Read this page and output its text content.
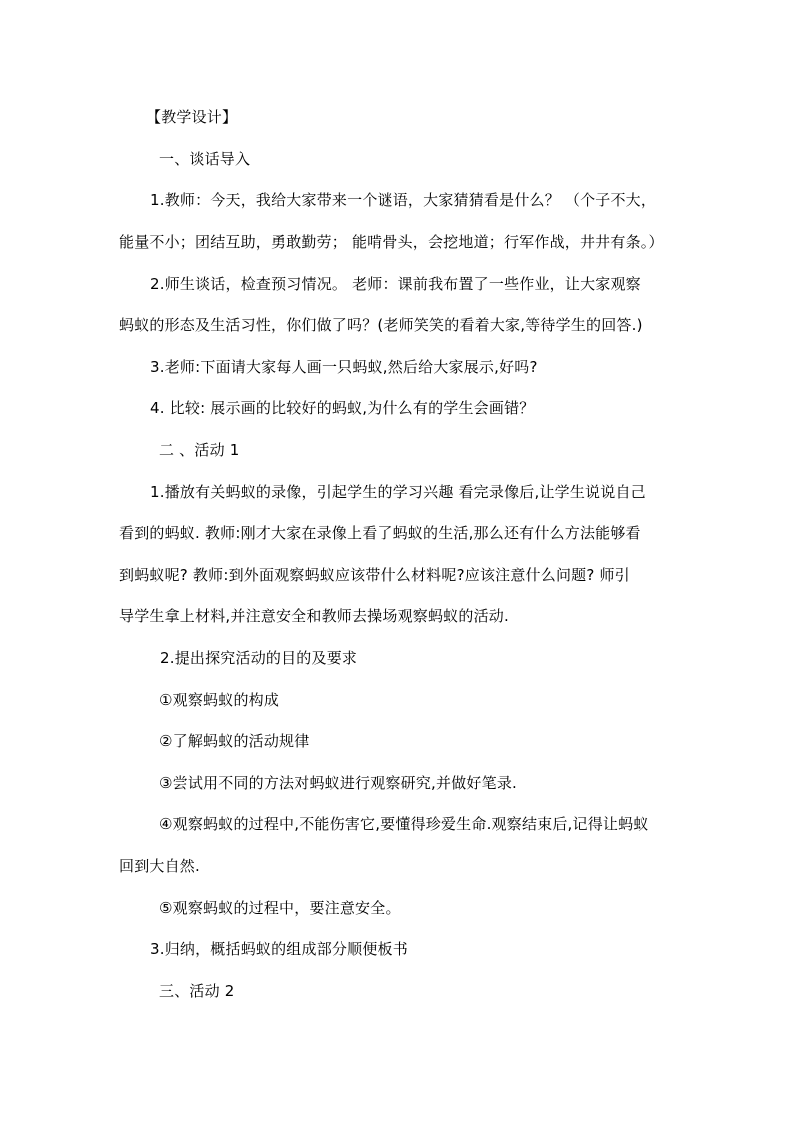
【教学设计】
一、谈话导入
1.教师：今天，我给大家带来一个谜语，大家猜猜看是什么？ （个子不大，
能量不小；团结互助，勇敢勤劳； 能啃骨头，会挖地道；行军作战，井井有条。）
2.师生谈话，检查预习情况。 老师：课前我布置了一些作业，让大家观察
蚂蚁的形态及生活习性，你们做了吗？(老师笑笑的看着大家,等待学生的回答.)
3.老师:下面请大家每人画一只蚂蚁,然后给大家展示,好吗?
4. 比较: 展示画的比较好的蚂蚁,为什么有的学生会画错？
二 、活动 1
1.播放有关蚂蚁的录像，引起学生的学习兴趣 看完录像后,让学生说说自己
看到的蚂蚁. 教师:刚才大家在录像上看了蚂蚁的生活,那么还有什么方法能够看
到蚂蚁呢? 教师:到外面观察蚂蚁应该带什么材料呢?应该注意什么问题? 师引
导学生拿上材料,并注意安全和教师去操场观察蚂蚁的活动.
2.提出探究活动的目的及要求
①观察蚂蚁的构成
②了解蚂蚁的活动规律
③尝试用不同的方法对蚂蚁进行观察研究,并做好笔录.
④观察蚂蚁的过程中,不能伤害它,要懂得珍爱生命.观察结束后,记得让蚂蚁
回到大自然.
⑤观察蚂蚁的过程中，要注意安全。
3.归纳，概括蚂蚁的组成部分顺便板书
三、活动 2
